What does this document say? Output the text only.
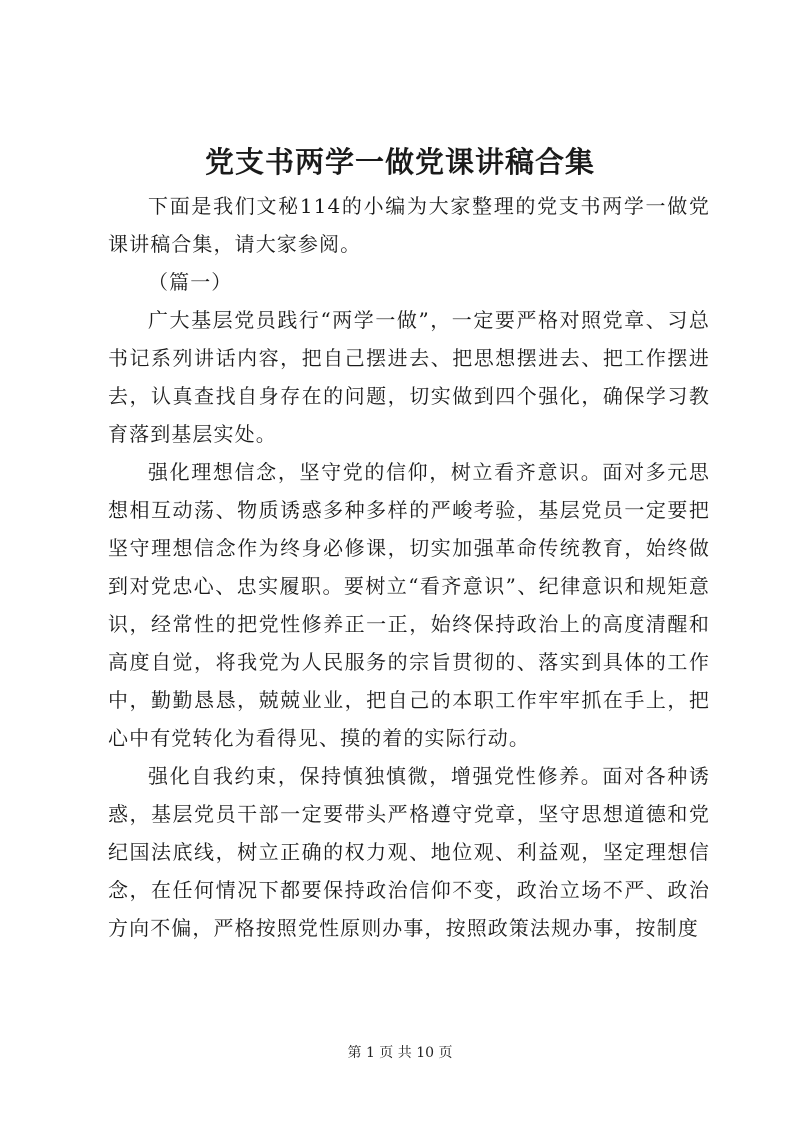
党支书两学一做党课讲稿合集

下面是我们文秘114的小编为大家整理的党支书两学一做党课讲稿合集，请大家参阅。

（篇一）

广大基层党员践行“两学一做”，一定要严格对照党章、习总书记系列讲话内容，把自己摆进去、把思想摆进去、把工作摆进去，认真查找自身存在的问题，切实做到四个强化，确保学习教育落到基层实处。

强化理想信念，坚守党的信仰，树立看齐意识。面对多元思想相互动荡、物质诱惑多种多样的严峻考验，基层党员一定要把坚守理想信念作为终身必修课，切实加强革命传统教育，始终做到对党忠心、忠实履职。要树立“看齐意识”、纪律意识和规矩意识，经常性的把党性修养正一正，始终保持政治上的高度清醒和高度自觉，将我党为人民服务的宗旨贯彻的、落实到具体的工作中，勤勤恳恳，兢兢业业，把自己的本职工作牢牢抓在手上，把心中有党转化为看得见、摸的着的实际行动。

强化自我约束，保持慎独慎微，增强党性修养。面对各种诱惑，基层党员干部一定要带头严格遵守党章，坚守思想道德和党纪国法底线，树立正确的权力观、地位观、利益观，坚定理想信念，在任何情况下都要保持政治信仰不变，政治立场不严、政治方向不偏，严格按照党性原则办事，按照政策法规办事，按制度

第 1 页 共 10 页
